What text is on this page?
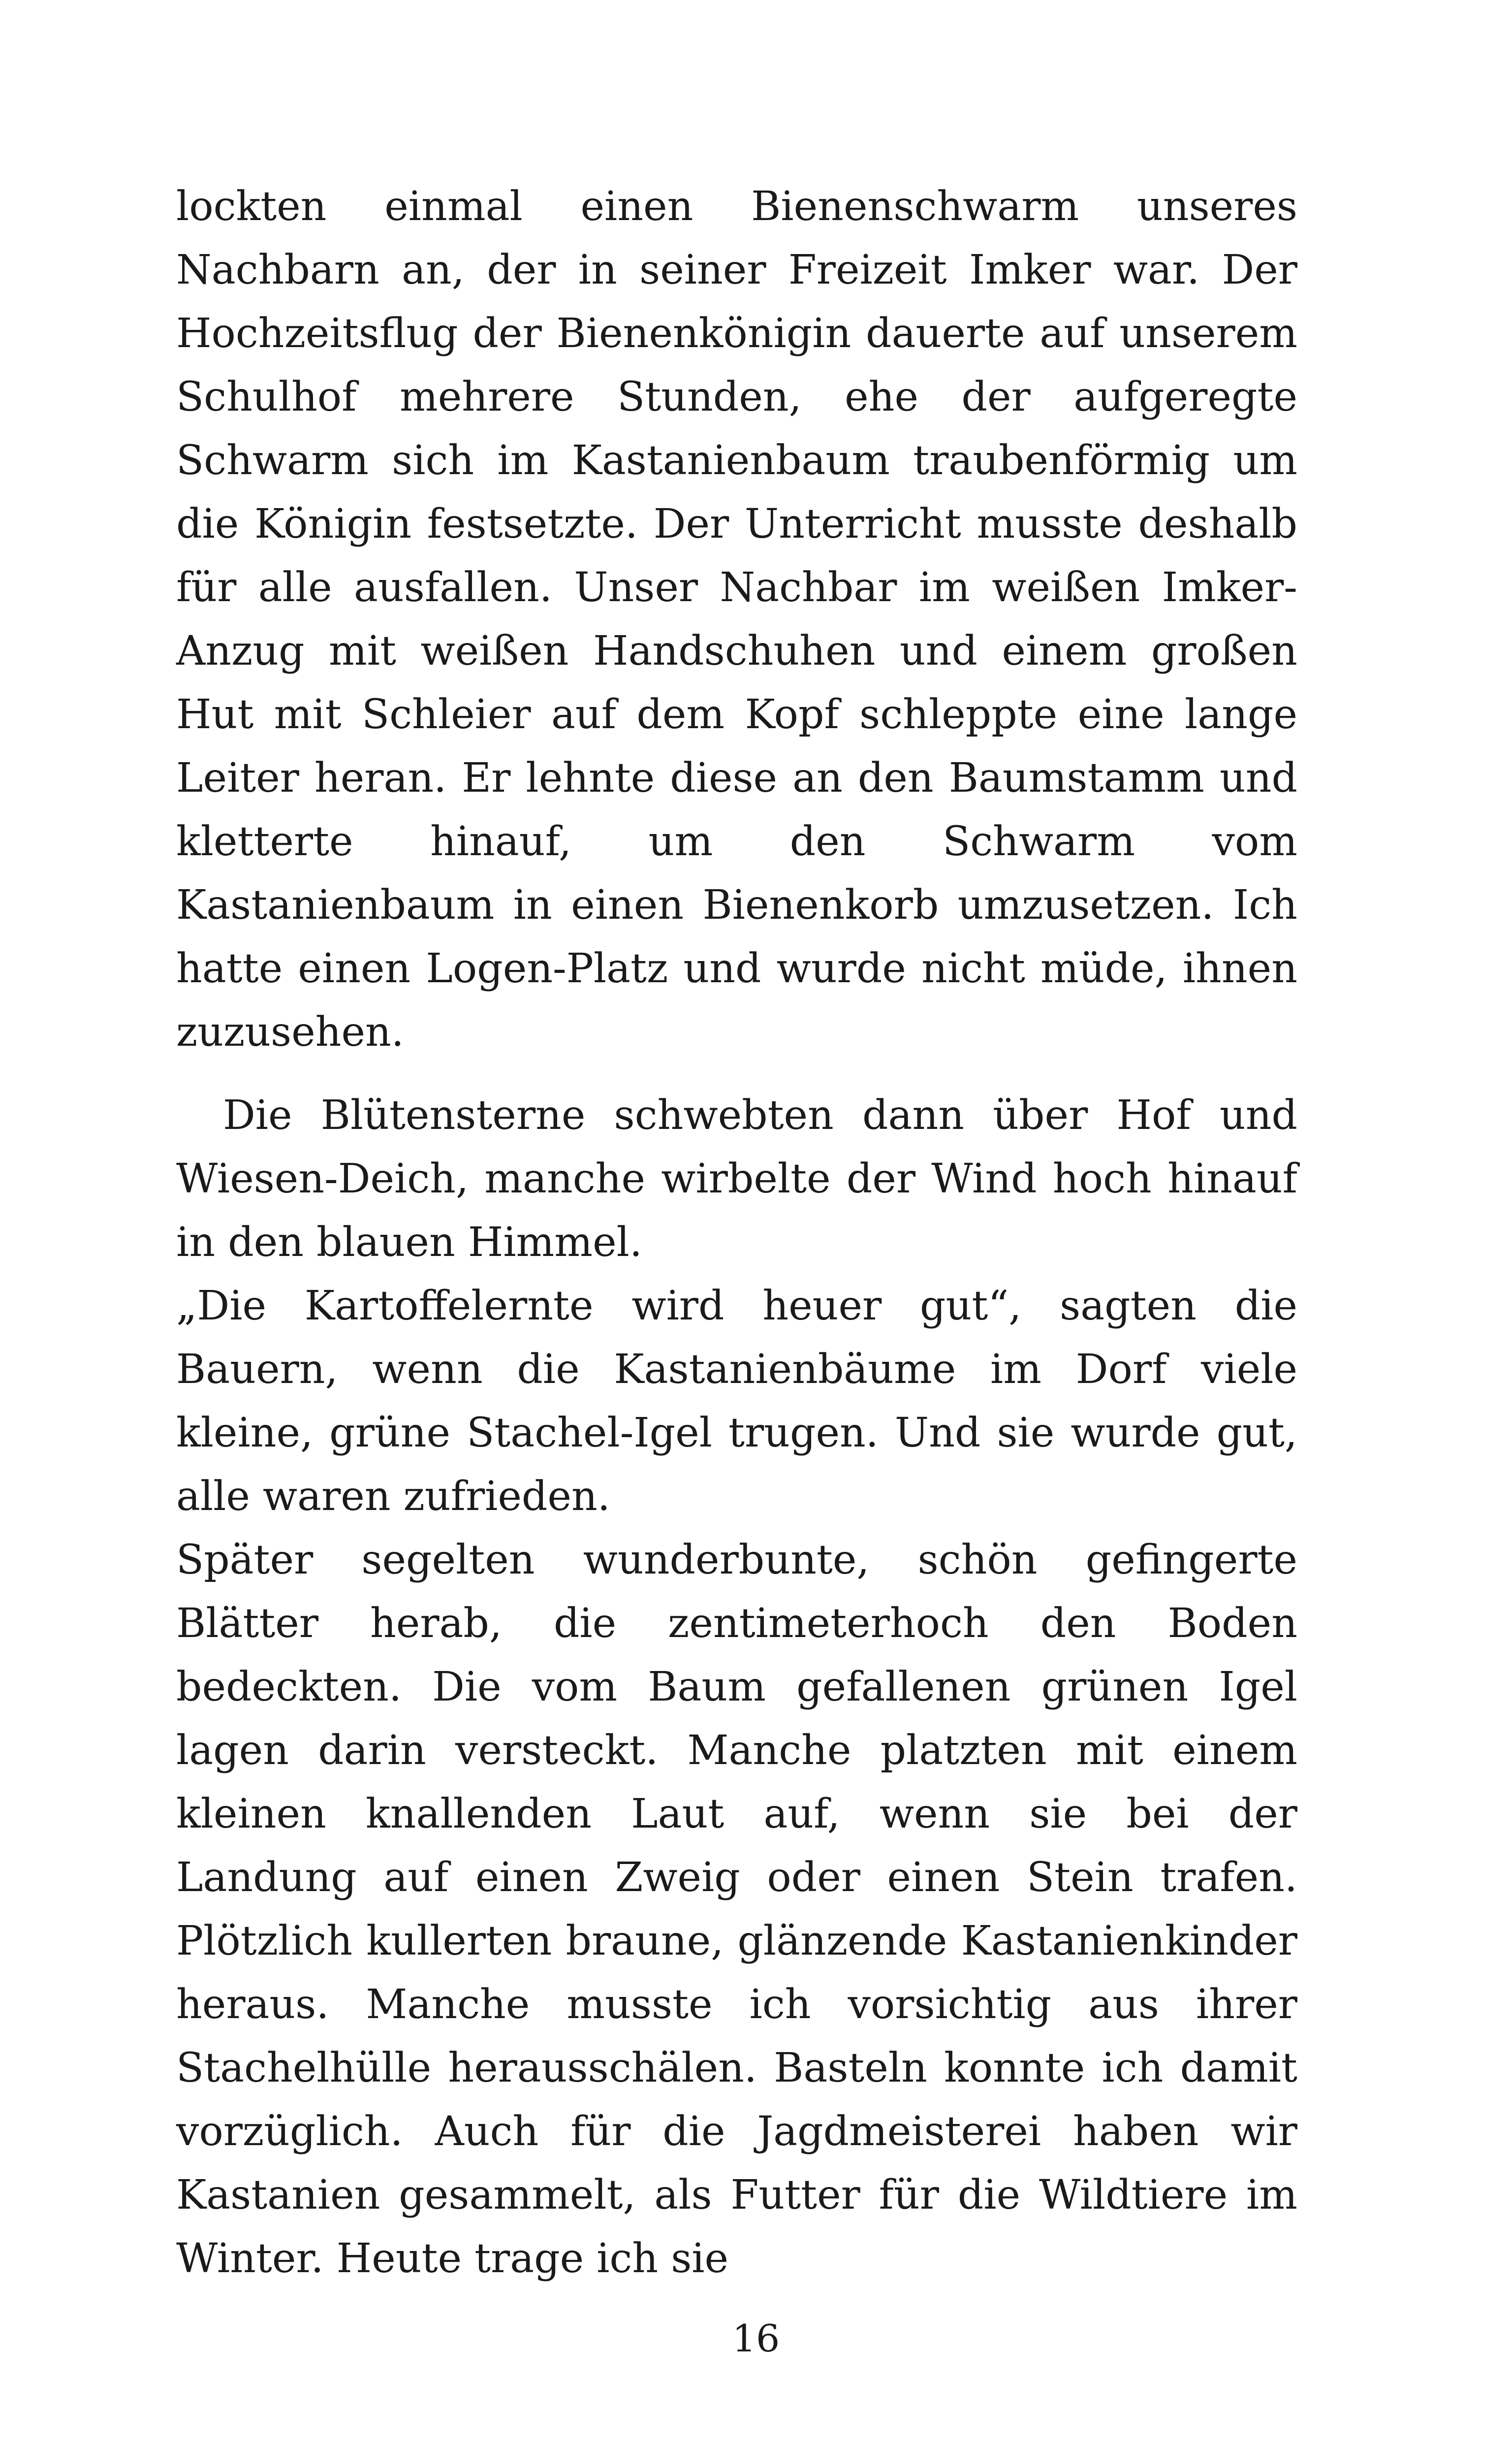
lockten einmal einen Bienenschwarm unseres Nachbarn an, der in seiner Freizeit Imker war. Der Hochzeitsflug der Bienenkönigin dauerte auf unserem Schulhof mehrere Stunden, ehe der aufgeregte Schwarm sich im Kastanienbaum traubenförmig um die Königin festsetzte. Der Unterricht musste deshalb für alle ausfallen. Unser Nachbar im weißen Imker-Anzug mit weißen Handschuhen und einem großen Hut mit Schleier auf dem Kopf schleppte eine lange Leiter heran. Er lehnte diese an den Baumstamm und kletterte hinauf, um den Schwarm vom Kastanienbaum in einen Bienenkorb umzusetzen. Ich hatte einen Logen-Platz und wurde nicht müde, ihnen zuzusehen.

Die Blütensterne schwebten dann über Hof und Wiesen-Deich, manche wirbelte der Wind hoch hinauf in den blauen Himmel.

„Die Kartoffelernte wird heuer gut“, sagten die Bauern, wenn die Kastanienbäume im Dorf viele kleine, grüne Stachel-Igel trugen. Und sie wurde gut, alle waren zufrieden.

Später segelten wunderbunte, schön gefingerte Blätter herab, die zentimeterhoch den Boden bedeckten. Die vom Baum gefallenen grünen Igel lagen darin versteckt. Manche platzten mit einem kleinen knallenden Laut auf, wenn sie bei der Landung auf einen Zweig oder einen Stein trafen. Plötzlich kullerten braune, glänzende Kastanienkinder heraus. Manche musste ich vorsichtig aus ihrer Stachelhülle herausschälen. Basteln konnte ich damit vorzüglich. Auch für die Jagdmeisterei haben wir Kastanien gesammelt, als Futter für die Wildtiere im Winter. Heute trage ich sie

16
